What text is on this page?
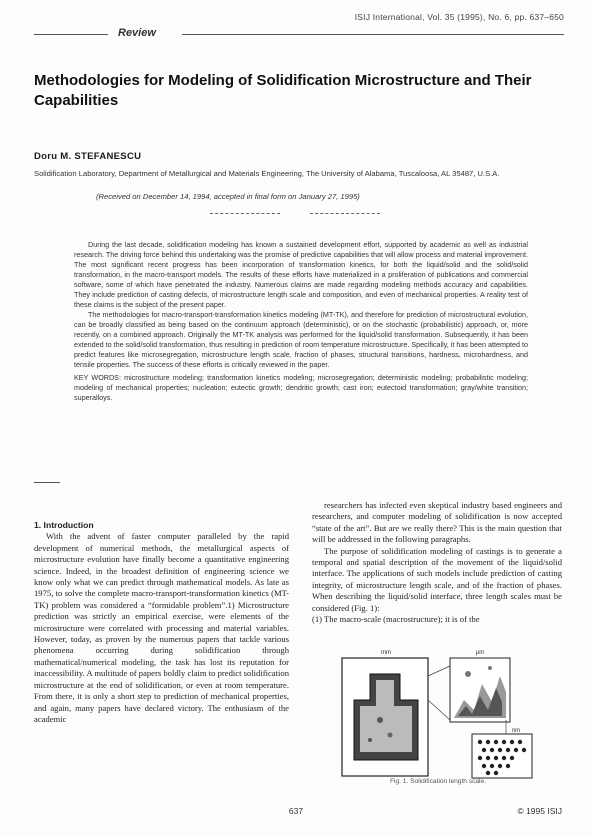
ISIJ International, Vol. 35 (1995), No. 6, pp. 637–650
Review
Methodologies for Modeling of Solidification Microstructure and Their Capabilities
Doru M. STEFANESCU
Solidification Laboratory, Department of Metallurgical and Materials Engineering, The University of Alabama, Tuscaloosa, AL 35487, U.S.A.
(Received on December 14, 1994, accepted in final form on January 27, 1995)

During the last decade, solidification modeling has known a sustained development effort, supported by academic as well as industrial research. The driving force behind this undertaking was the promise of predictive capabilities that will allow process and material improvement. The most significant recent progress has been incorporation of transformation kinetics, for both the liquid/solid and the solid/solid transformation, in the macro-transport models. The results of these efforts have materialized in a proliferation of publications and commercial software, some of which have penetrated the industry. Numerous claims are made regarding modeling methods accuracy and capabilities. They include prediction of casting defects, of microstructure length scale and composition, and even of mechanical properties. A reality test of these claims is the subject of the present paper.

The methodologies for macro-transport-transformation kinetics modeling (MT-TK), and therefore for prediction of microstructural evolution, can be broadly classified as being based on the continuum approach (deterministic), or on the stochastic (probabilistic) approach, or, more recently, on a combined approach. Originally the MT-TK analysis was performed for the liquid/solid transformation. Subsequently, it has been extended to the solid/solid transformation, thus resulting in prediction of room temperature microstructure. Specifically, it has been attempted to predict features like microsegregation, microstructure length scale, fraction of phases, structural transitions, hardness, microhardness, and tensile properties. The success of these efforts is critically reviewed in the paper.

KEY WORDS: microstructure modeling; transformation kinetics modeling; microsegregation; deterministic modeling; probabilistic modeling; modeling of mechanical properties; nucleation; eutectic growth; dendritic growth; cast iron; eutectoid transformation; gray/white transition; superalloys.

1. Introduction

With the advent of faster computer paralleled by the rapid development of numerical methods, the metallurgical aspects of microstructure evolution have finally become a quantitative engineering science. Indeed, in the broadest definition of engineering science we know only what we can predict through mathematical models. As late as 1975, to solve the complete macro-transport-transformation kinetics (MT-TK) problem was considered a “formidable problem”.1) Microstructure prediction was strictly an empirical exercise, were elements of the microstructure were correlated with processing and material variables. However, today, as proven by the numerous papers that tackle various phenomena occurring during solidification through mathematical/numerical modeling, the task has lost its reputation for inaccessibility. A multitude of papers boldly claim to predict solidification microstructure at the end of solidification, or even at room temperature. From there, it is only a short step to prediction of mechanical properties, and again, many papers have declared victory. The enthusiasm of the academic

researchers has infected even skeptical industry based engineers and researchers, and computer modeling of solidification is now accepted “state of the art”. But are we really there? This is the main question that will be addressed in the following paragraphs.

The purpose of solidification modeling of castings is to generate a temporal and spatial description of the movement of the liquid/solid interface. The applications of such models include prediction of casting integrity, of microstructure length scale, and of the fraction of phases. When describing the liquid/solid interface, three length scales must be considered (Fig. 1):

(1) The macro-scale (macrostructure); it is of the

mm	μm
nm
Fig. 1. Solidification length scale.
637	© 1995 ISIJ
